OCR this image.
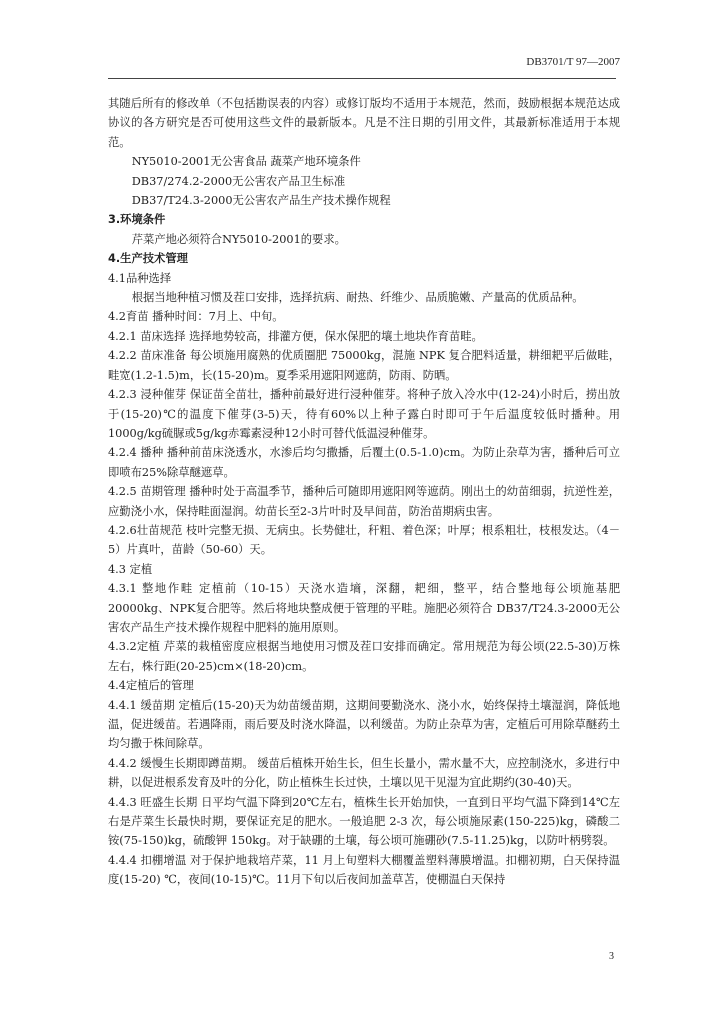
DB3701/T 97—2007

其随后所有的修改单（不包括勘误表的内容）或修订版均不适用于本规范，然而，鼓励根据本规范达成协议的各方研究是否可使用这些文件的最新版本。凡是不注日期的引用文件，其最新标准适用于本规范。

NY5010-2001无公害食品 蔬菜产地环境条件

DB37/274.2-2000无公害农产品卫生标准

DB37/T24.3-2000无公害农产品生产技术操作规程

3.环境条件

芹菜产地必须符合NY5010-2001的要求。

4.生产技术管理

4.1品种选择

根据当地种植习惯及茬口安排，选择抗病、耐热、纤维少、品质脆嫩、产量高的优质品种。

4.2育苗 播种时间：7月上、中旬。

4.2.1 苗床选择 选择地势较高，排灌方便，保水保肥的壤土地块作育苗畦。

4.2.2 苗床准备 每公顷施用腐熟的优质圈肥 75000kg，混施 NPK 复合肥料适量，耕细耙平后做畦，畦宽(1.2-1.5)m，长(15-20)m。夏季采用遮阳网遮荫，防雨、防晒。

4.2.3 浸种催芽 保证苗全苗壮，播种前最好进行浸种催芽。将种子放入冷水中(12-24)小时后，捞出放于(15-20)℃的温度下催芽(3-5)天，待有60%以上种子露白时即可于午后温度较低时播种。用1000g/kg硫脲或5g/kg赤霉素浸种12小时可替代低温浸种催芽。

4.2.4 播种 播种前苗床浇透水，水渗后均匀撒播，后覆土(0.5-1.0)cm。为防止杂草为害，播种后可立即喷布25%除草醚遮草。

4.2.5 苗期管理 播种时处于高温季节，播种后可随即用遮阳网等遮荫。刚出土的幼苗细弱，抗逆性差，应勤浇小水，保持畦面湿润。幼苗长至2-3片叶时及早间苗，防治苗期病虫害。

4.2.6壮苗规范 枝叶完整无损、无病虫。长势健壮，秆粗、着色深；叶厚；根系粗壮，枝根发达。（4－5）片真叶，苗龄（50-60）天。

4.3 定植

4.3.1 整地作畦 定植前（10-15）天浇水造墒，深翻，耙细，整平，结合整地每公顷施基肥 20000kg、NPK复合肥等。然后将地块整成便于管理的平畦。施肥必须符合 DB37/T24.3-2000无公害农产品生产技术操作规程中肥料的施用原则。

4.3.2定植 芹菜的栽植密度应根据当地使用习惯及茬口安排而确定。常用规范为每公顷(22.5-30)万株左右，株行距(20-25)cm×(18-20)cm。

4.4定植后的管理

4.4.1 缓苗期 定植后(15-20)天为幼苗缓苗期，这期间要勤浇水、浇小水，始终保持土壤湿润，降低地温，促进缓苗。若遇降雨，雨后要及时浇水降温，以利缓苗。为防止杂草为害，定植后可用除草醚药土均匀撒于株间除草。

4.4.2 缓慢生长期即蹲苗期。 缓苗后植株开始生长，但生长量小，需水量不大，应控制浇水，多进行中耕，以促进根系发育及叶的分化，防止植株生长过快，土壤以见干见湿为宜此期约(30-40)天。

4.4.3 旺盛生长期 日平均气温下降到20℃左右，植株生长开始加快，一直到日平均气温下降到14℃左右是芹菜生长最快时期，要保证充足的肥水。一般追肥 2-3 次，每公顷施尿素(150-225)kg，磷酸二铵(75-150)kg，硫酸钾 150kg。对于缺硼的土壤，每公顷可施硼砂(7.5-11.25)kg，以防叶柄劈裂。

4.4.4 扣棚增温 对于保护地栽培芹菜，11 月上旬塑料大棚覆盖塑料薄膜增温。扣棚初期，白天保持温度(15-20) ℃，夜间(10-15)℃。11月下旬以后夜间加盖草苫，使棚温白天保持

3
